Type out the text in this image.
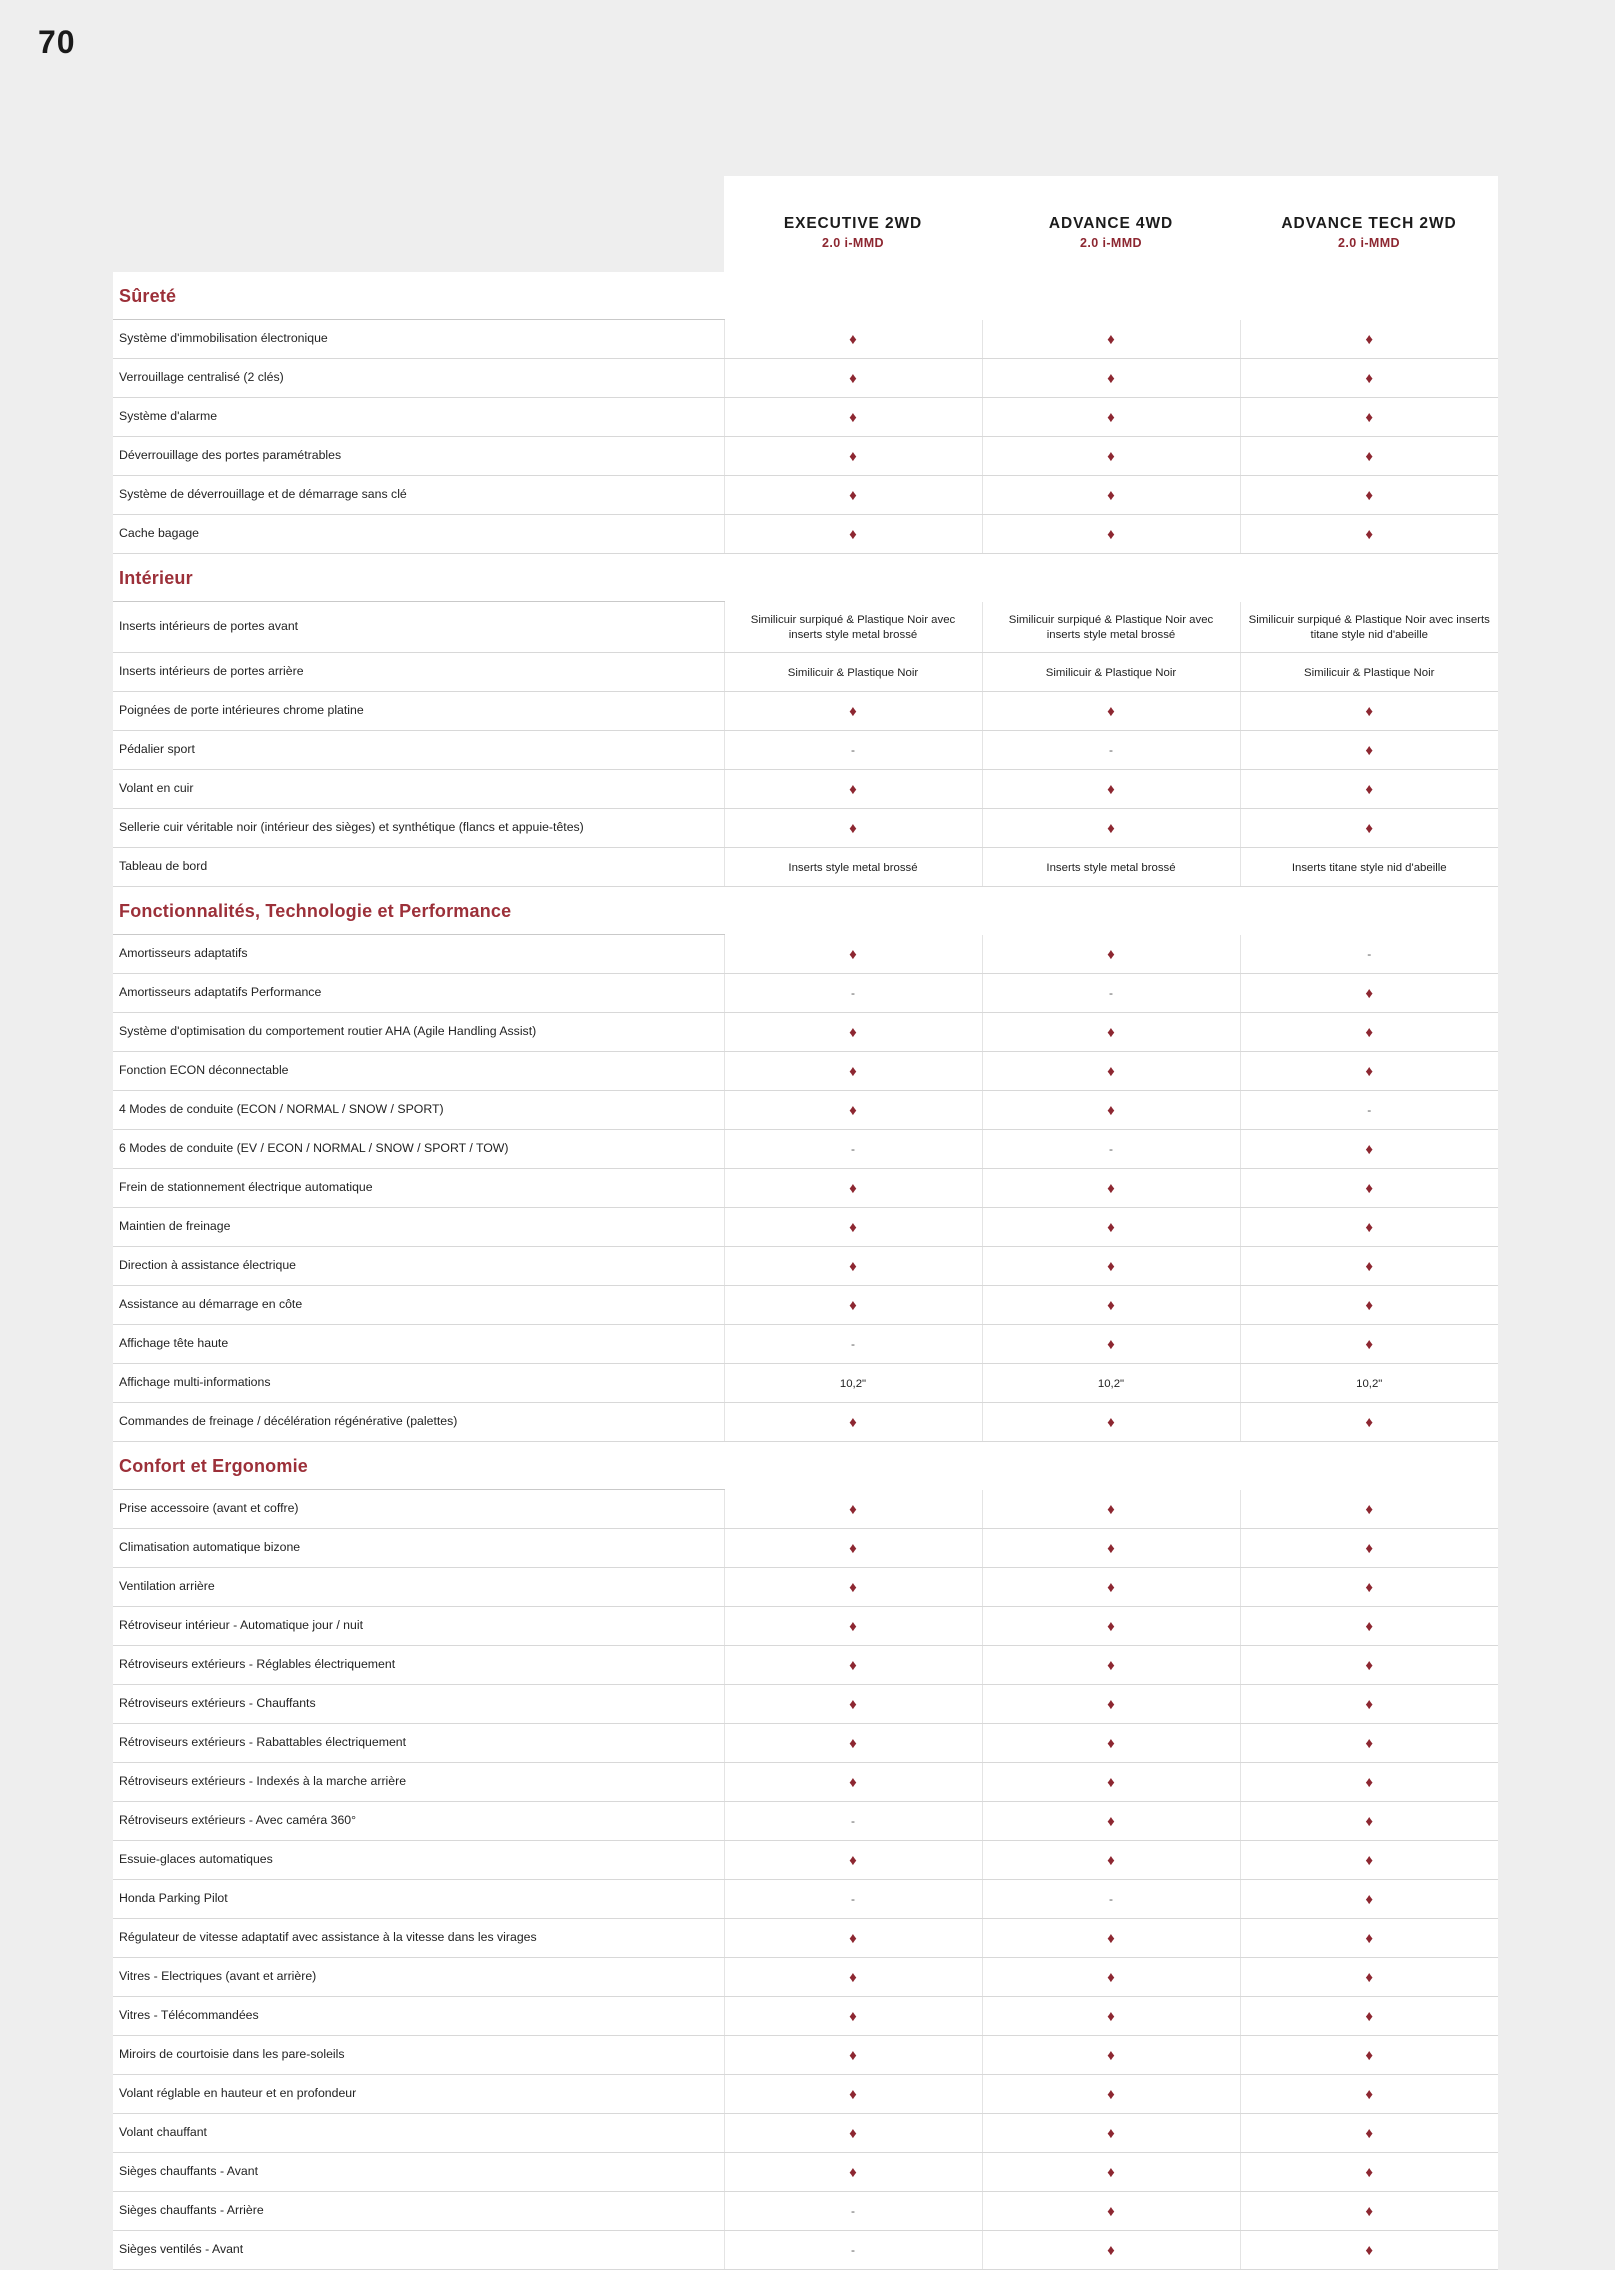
70

EXECUTIVE 2WD
2.0 i-MMD

ADVANCE 4WD
2.0 i-MMD

ADVANCE TECH 2WD
2.0 i-MMD

Sûreté			
Système d'immobilisation électronique	♦	♦	♦
Verrouillage centralisé (2 clés)	♦	♦	♦
Système d'alarme	♦	♦	♦
Déverrouillage des portes paramétrables	♦	♦	♦
Système de déverrouillage et de démarrage sans clé	♦	♦	♦
Cache bagage	♦	♦	♦
Intérieur			
Inserts intérieurs de portes avant	Similicuir surpiqué & Plastique Noir avec inserts style metal brossé	Similicuir surpiqué & Plastique Noir avec inserts style metal brossé	Similicuir surpiqué & Plastique Noir avec inserts titane style nid d'abeille
Inserts intérieurs de portes arrière	Similicuir & Plastique Noir	Similicuir & Plastique Noir	Similicuir & Plastique Noir
Poignées de porte intérieures chrome platine	♦	♦	♦
Pédalier sport	-	-	♦
Volant en cuir	♦	♦	♦
Sellerie cuir véritable noir (intérieur des sièges) et synthétique (flancs et appuie-têtes)	♦	♦	♦
Tableau de bord	Inserts style metal brossé	Inserts style metal brossé	Inserts titane style nid d'abeille
Fonctionnalités, Technologie et Performance			
Amortisseurs adaptatifs	♦	♦	-
Amortisseurs adaptatifs Performance	-	-	♦
Système d'optimisation du comportement routier AHA (Agile Handling Assist)	♦	♦	♦
Fonction ECON déconnectable	♦	♦	♦
4 Modes de conduite (ECON / NORMAL / SNOW / SPORT)	♦	♦	-
6 Modes de conduite (EV / ECON / NORMAL / SNOW / SPORT / TOW)	-	-	♦
Frein de stationnement électrique automatique	♦	♦	♦
Maintien de freinage	♦	♦	♦
Direction à assistance électrique	♦	♦	♦
Assistance au démarrage en côte	♦	♦	♦
Affichage tête haute	-	♦	♦
Affichage multi-informations	10,2"	10,2"	10,2"
Commandes de freinage / décélération régénérative (palettes)	♦	♦	♦
Confort et Ergonomie			
Prise accessoire (avant et coffre)	♦	♦	♦
Climatisation automatique bizone	♦	♦	♦
Ventilation arrière	♦	♦	♦
Rétroviseur intérieur - Automatique jour / nuit	♦	♦	♦
Rétroviseurs extérieurs - Réglables électriquement	♦	♦	♦
Rétroviseurs extérieurs - Chauffants	♦	♦	♦
Rétroviseurs extérieurs - Rabattables électriquement	♦	♦	♦
Rétroviseurs extérieurs - Indexés à la marche arrière	♦	♦	♦
Rétroviseurs extérieurs - Avec caméra 360°	-	♦	♦
Essuie-glaces automatiques	♦	♦	♦
Honda Parking Pilot	-	-	♦
Régulateur de vitesse adaptatif avec assistance à la vitesse dans les virages	♦	♦	♦
Vitres - Electriques (avant et arrière)	♦	♦	♦
Vitres - Télécommandées	♦	♦	♦
Miroirs de courtoisie dans les pare-soleils	♦	♦	♦
Volant réglable en hauteur et en profondeur	♦	♦	♦
Volant chauffant	♦	♦	♦
Sièges chauffants - Avant	♦	♦	♦
Sièges chauffants - Arrière	-	♦	♦
Sièges ventilés - Avant	-	♦	♦
